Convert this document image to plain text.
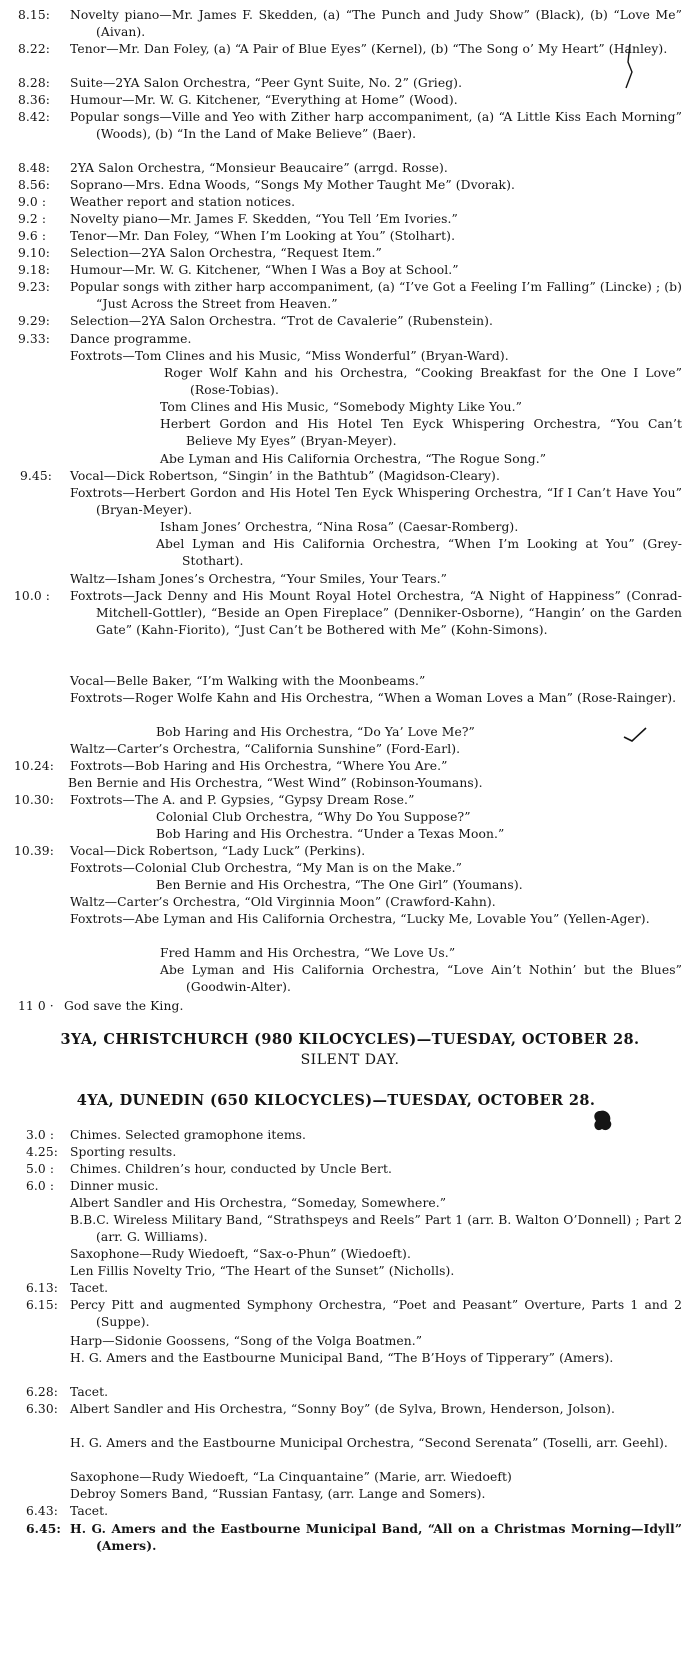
8.15: Novelty piano—Mr. James F. Skedden, (a) “The Punch and Judy Show” (Black), (b) “Love Me” (Aivan).
8.22: Tenor—Mr. Dan Foley, (a) “A Pair of Blue Eyes” (Kernel), (b) “The Song o’ My Heart” (Hanley).
8.28: Suite—2YA Salon Orchestra, “Peer Gynt Suite, No. 2” (Grieg).
8.36: Humour—Mr. W. G. Kitchener, “Everything at Home” (Wood).
8.42: Popular songs—Ville and Yeo with Zither harp accompaniment, (a) “A Little Kiss Each Morning” (Woods), (b) “In the Land of Make Believe” (Baer).
8.48: 2YA Salon Orchestra, “Monsieur Beaucaire” (arrgd. Rosse).
8.56: Soprano—Mrs. Edna Woods, “Songs My Mother Taught Me” (Dvorak).
9.0 : Weather report and station notices.
9.2 : Novelty piano—Mr. James F. Skedden, “You Tell ’Em Ivories.”
9.6 : Tenor—Mr. Dan Foley, “When I’m Looking at You” (Stolhart).
9.10: Selection—2YA Salon Orchestra, “Request Item.”
9.18: Humour—Mr. W. G. Kitchener, “When I Was a Boy at School.”
9.23: Popular songs with zither harp accompaniment, (a) “I’ve Got a Feeling I’m Falling” (Lincke) ; (b) “Just Across the Street from Heaven.”
9.29: Selection—2YA Salon Orchestra. “Trot de Cavalerie” (Rubenstein).
9.33: Dance programme.
Foxtrots—Tom Clines and his Music, “Miss Wonderful” (Bryan-Ward).
Roger Wolf Kahn and his Orchestra, “Cooking Breakfast for the One I Love” (Rose-Tobias).
Tom Clines and His Music, “Somebody Mighty Like You.”
Herbert Gordon and His Hotel Ten Eyck Whispering Orchestra, “You Can’t Believe My Eyes” (Bryan-Meyer).
Abe Lyman and His California Orchestra, “The Rogue Song.”
9.45: Vocal—Dick Robertson, “Singin’ in the Bathtub” (Magidson-Cleary).
Foxtrots—Herbert Gordon and His Hotel Ten Eyck Whispering Orchestra, “If I Can’t Have You” (Bryan-Meyer).
Isham Jones’ Orchestra, “Nina Rosa” (Caesar-Romberg).
Abel Lyman and His California Orchestra, “When I’m Looking at You” (Grey-Stothart).
Waltz—Isham Jones’s Orchestra, “Your Smiles, Your Tears.”
10.0 : Foxtrots—Jack Denny and His Mount Royal Hotel Orchestra, “A Night of Happiness” (Conrad-Mitchell-Gottler), “Beside an Open Fireplace” (Denniker-Osborne), “Hangin’ on the Garden Gate” (Kahn-Fiorito), “Just Can’t be Bothered with Me” (Kohn-Simons).
Vocal—Belle Baker, “I’m Walking with the Moonbeams.”
Foxtrots—Roger Wolfe Kahn and His Orchestra, “When a Woman Loves a Man” (Rose-Rainger).
Bob Haring and His Orchestra, “Do Ya’ Love Me?”
Waltz—Carter’s Orchestra, “California Sunshine” (Ford-Earl).
10.24: Foxtrots—Bob Haring and His Orchestra, “Where You Are.”
Ben Bernie and His Orchestra, “West Wind” (Robinson-Youmans).
10.30: Foxtrots—The A. and P. Gypsies, “Gypsy Dream Rose.”
Colonial Club Orchestra, “Why Do You Suppose?”
Bob Haring and His Orchestra. “Under a Texas Moon.”
10.39: Vocal—Dick Robertson, “Lady Luck” (Perkins).
Foxtrots—Colonial Club Orchestra, “My Man is on the Make.”
Ben Bernie and His Orchestra, “The One Girl” (Youmans).
Waltz—Carter’s Orchestra, “Old Virginnia Moon” (Crawford-Kahn).
Foxtrots—Abe Lyman and His California Orchestra, “Lucky Me, Lovable You” (Yellen-Ager).
Fred Hamm and His Orchestra, “We Love Us.”
Abe Lyman and His California Orchestra, “Love Ain’t Nothin’ but the Blues” (Goodwin-Alter).
11 0 · God save the King.
3YA, CHRISTCHURCH (980 KILOCYCLES)—TUESDAY, OCTOBER 28.
SILENT DAY.
4YA, DUNEDIN (650 KILOCYCLES)—TUESDAY, OCTOBER 28.
3.0 : Chimes. Selected gramophone items.
4.25: Sporting results.
5.0 : Chimes. Children’s hour, conducted by Uncle Bert.
6.0 : Dinner music.
Albert Sandler and His Orchestra, “Someday, Somewhere.”
B.B.C. Wireless Military Band, “Strathspeys and Reels” Part 1 (arr. B. Walton O’Donnell) ; Part 2 (arr. G. Williams).
Saxophone—Rudy Wiedoeft, “Sax-o-Phun” (Wiedoeft).
Len Fillis Novelty Trio, “The Heart of the Sunset” (Nicholls).
6.13: Tacet.
6.15: Percy Pitt and augmented Symphony Orchestra, “Poet and Peasant” Overture, Parts 1 and 2 (Suppe).
Harp—Sidonie Goossens, “Song of the Volga Boatmen.”
H. G. Amers and the Eastbourne Municipal Band, “The B’Hoys of Tipperary” (Amers).
6.28: Tacet.
6.30: Albert Sandler and His Orchestra, “Sonny Boy” (de Sylva, Brown, Henderson, Jolson).
H. G. Amers and the Eastbourne Municipal Orchestra, “Second Serenata” (Toselli, arr. Geehl).
Saxophone—Rudy Wiedoeft, “La Cinquantaine” (Marie, arr. Wiedoeft)
Debroy Somers Band, “Russian Fantasy, (arr. Lange and Somers).
6.43: Tacet.
6.45: H. G. Amers and the Eastbourne Municipal Band, “All on a Christmas Morning—Idyll” (Amers).
